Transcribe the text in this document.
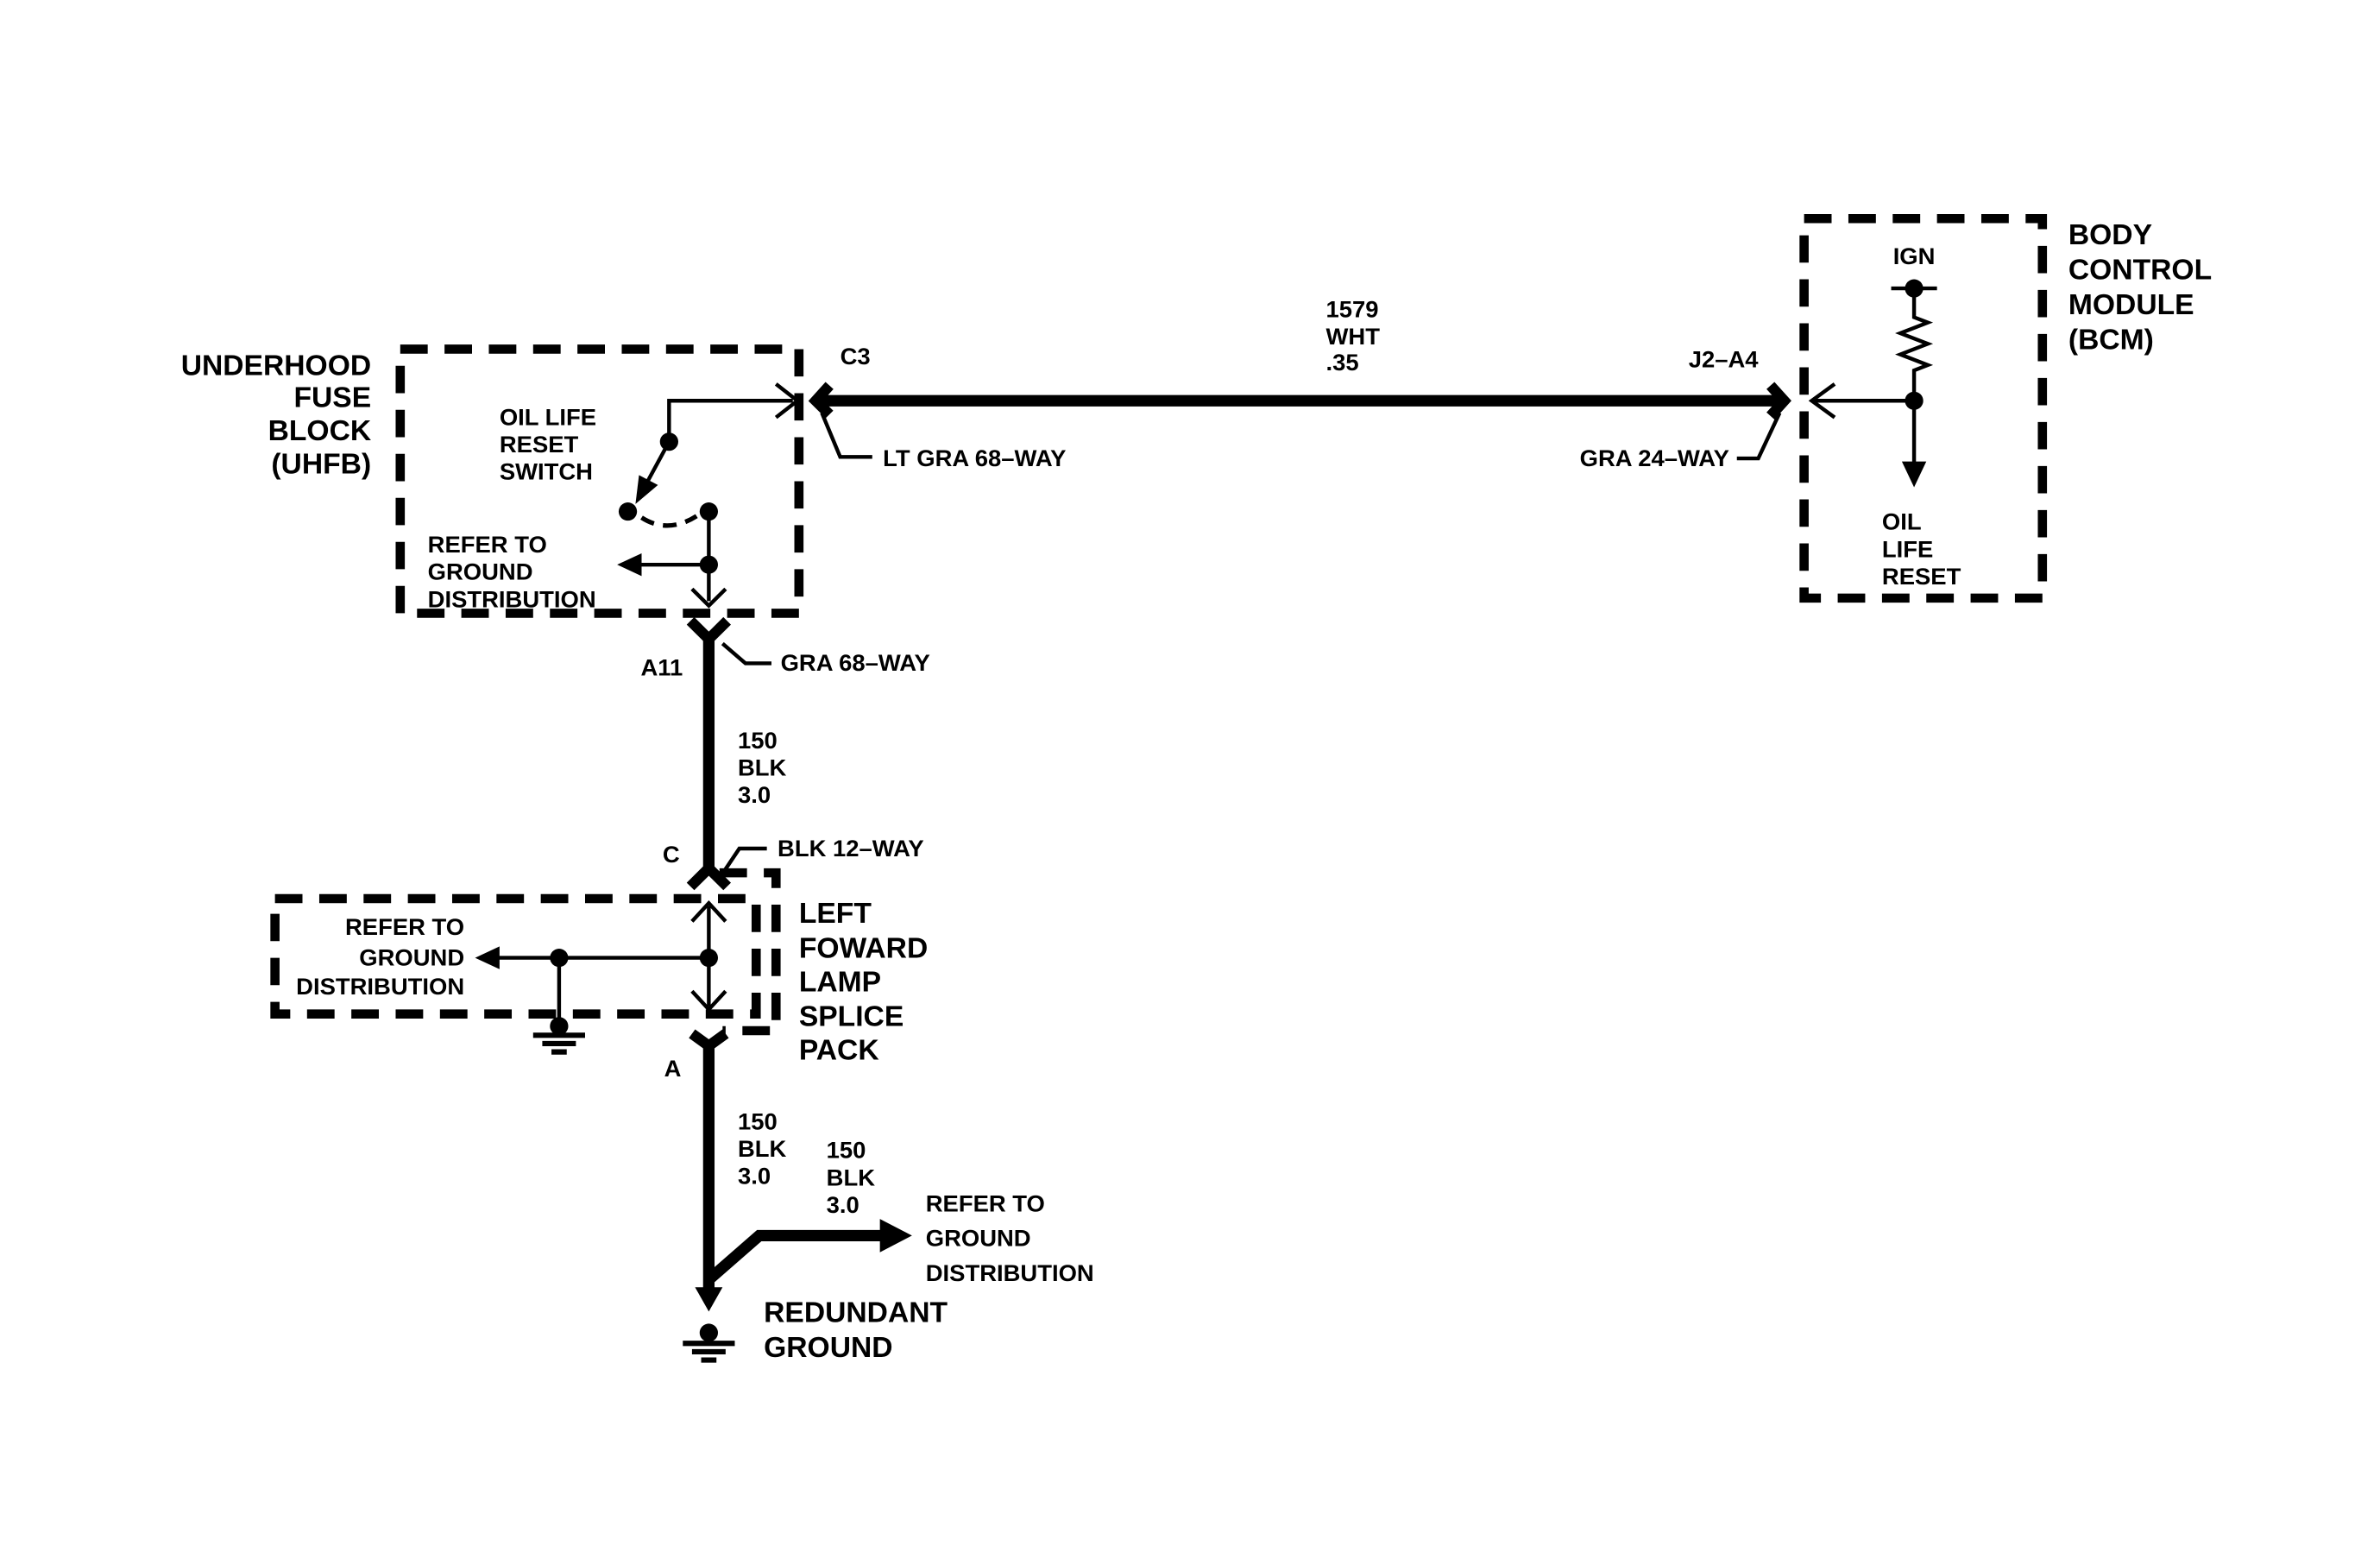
UNDERHOOD
FUSE
BLOCK
(UHFB)
OIL LIFE
RESET
SWITCH
REFER TO
GROUND
DISTRIBUTION
C3
1579
WHT
.35
LT GRA 68–WAY
J2–A4
GRA 24–WAY
BODY
CONTROL
MODULE
(BCM)
IGN
OIL
LIFE
RESET
A11	GRA 68–WAY
150
BLK
3.0
C	BLK 12–WAY
LEFT
FOWARD
LAMP
SPLICE
PACK
REFER TO
GROUND
DISTRIBUTION
A
150
BLK
3.0
150
BLK
3.0	REFER TO
GROUND
DISTRIBUTION
REDUNDANT
GROUND
